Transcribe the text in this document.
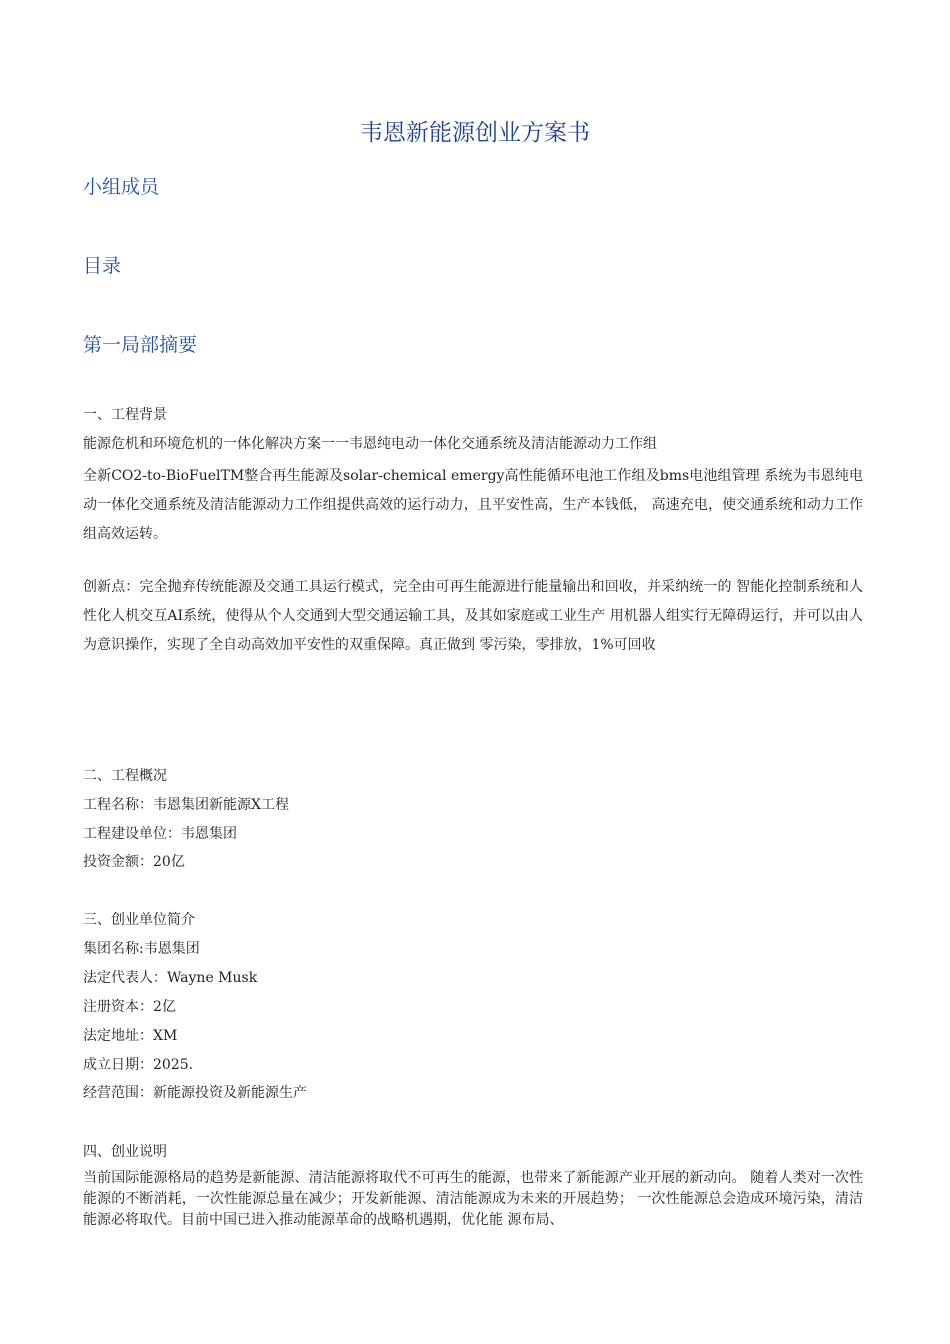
韦恩新能源创业方案书
小组成员
目录
第一局部摘要

一、工程背景

能源危机和环境危机的一体化解决方案一一韦恩纯电动一体化交通系统及清洁能源动力工作组

全新CO2-to-BioFuelTM整合再生能源及solar-chemical emergy高性能循环电池工作组及bms电池组管理 系统为韦恩纯电动一体化交通系统及清洁能源动力工作组提供高效的运行动力，且平安性高，生产本钱低， 高速充电，使交通系统和动力工作组高效运转。

创新点：完全抛弃传统能源及交通工具运行模式，完全由可再生能源进行能量输出和回收，并采纳统一的 智能化控制系统和人性化人机交互AI系统，使得从个人交通到大型交通运输工具，及其如家庭或工业生产 用机器人组实行无障碍运行，并可以由人为意识操作，实现了全自动高效加平安性的双重保障。真正做到 零污染，零排放，1%可回收

二、工程概况

工程名称：韦恩集团新能源X工程

工程建设单位：韦恩集团

投资金额：20亿

三、创业单位简介

集团名称:韦恩集团

法定代表人：Wayne Musk

注册资本：2亿

法定地址：XM

成立日期：2025.

经营范围：新能源投资及新能源生产

四、创业说明

当前国际能源格局的趋势是新能源、清洁能源将取代不可再生的能源，也带来了新能源产业开展的新动向。 随着人类对一次性能源的不断消耗，一次性能源总量在减少；开发新能源、清洁能源成为未来的开展趋势； 一次性能源总会造成环境污染，清洁能源必将取代。目前中国已进入推动能源革命的战略机遇期，优化能 源布局、
